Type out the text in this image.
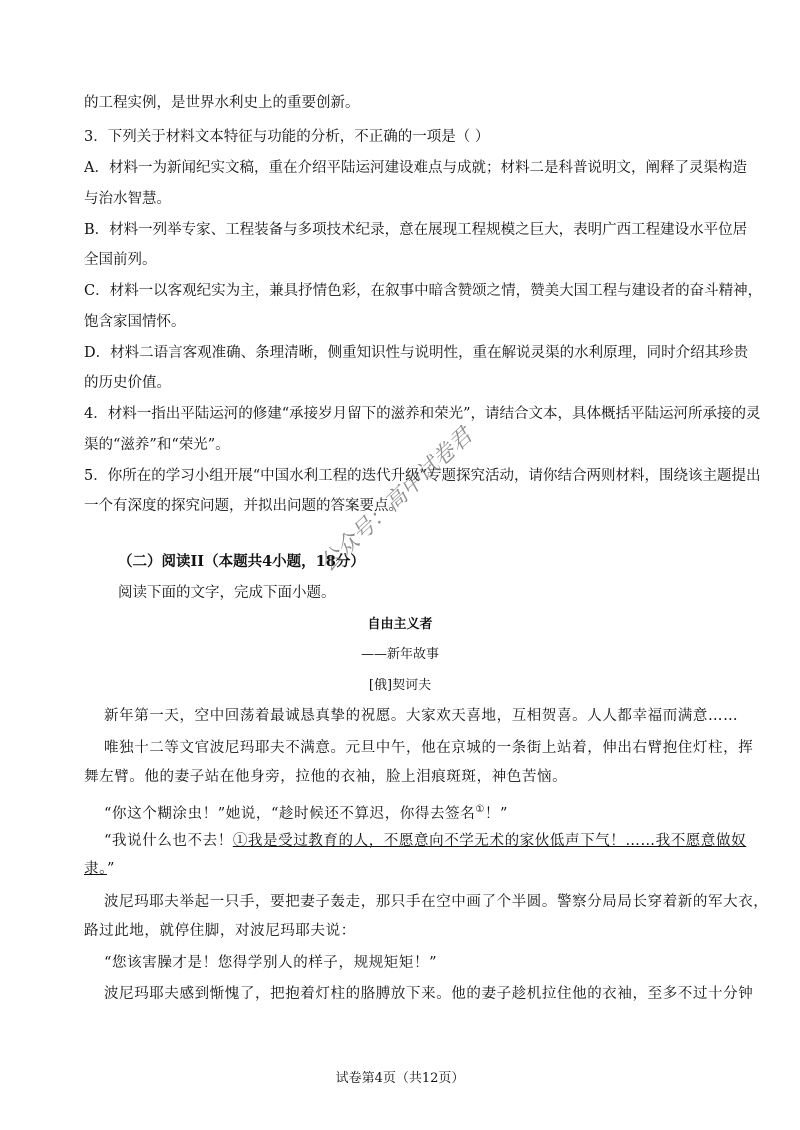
的工程实例，是世界水利史上的重要创新。
3．下列关于材料文本特征与功能的分析，不正确的一项是（ ）
A．材料一为新闻纪实文稿，重在介绍平陆运河建设难点与成就；材料二是科普说明文，阐释了灵渠构造
与治水智慧。
B．材料一列举专家、工程装备与多项技术纪录，意在展现工程规模之巨大，表明广西工程建设水平位居
全国前列。
C．材料一以客观纪实为主，兼具抒情色彩，在叙事中暗含赞颂之情，赞美大国工程与建设者的奋斗精神，
饱含家国情怀。
D．材料二语言客观准确、条理清晰，侧重知识性与说明性，重在解说灵渠的水利原理，同时介绍其珍贵
的历史价值。
4．材料一指出平陆运河的修建“承接岁月留下的滋养和荣光”，请结合文本，具体概括平陆运河所承接的灵
渠的“滋养”和“荣光”。
5．你所在的学习小组开展“中国水利工程的迭代升级”专题探究活动，请你结合两则材料，围绕该主题提出
一个有深度的探究问题，并拟出问题的答案要点。
（二）阅读II（本题共4小题，18分）
阅读下面的文字，完成下面小题。
自由主义者
——新年故事
[俄]契诃夫
新年第一天，空中回荡着最诚恳真挚的祝愿。大家欢天喜地，互相贺喜。人人都幸福而满意……
唯独十二等文官波尼玛耶夫不满意。元旦中午，他在京城的一条街上站着，伸出右臂抱住灯柱，挥
舞左臂。他的妻子站在他身旁，拉他的衣袖，脸上泪痕斑斑，神色苦恼。
“你这个糊涂虫！”她说，“趁时候还不算迟，你得去签名①！”
“我说什么也不去！①我是受过教育的人，不愿意向不学无术的家伙低声下气！……我不愿意做奴
隶。”
波尼玛耶夫举起一只手，要把妻子轰走，那只手在空中画了个半圆。警察分局局长穿着新的军大衣，
路过此地，就停住脚，对波尼玛耶夫说：
“您该害臊才是！您得学别人的样子，规规矩矩！”
波尼玛耶夫感到惭愧了，把抱着灯柱的胳膊放下来。他的妻子趁机拉住他的衣袖，至多不过十分钟
公众号：高中试卷君
试卷第4页（共12页）
